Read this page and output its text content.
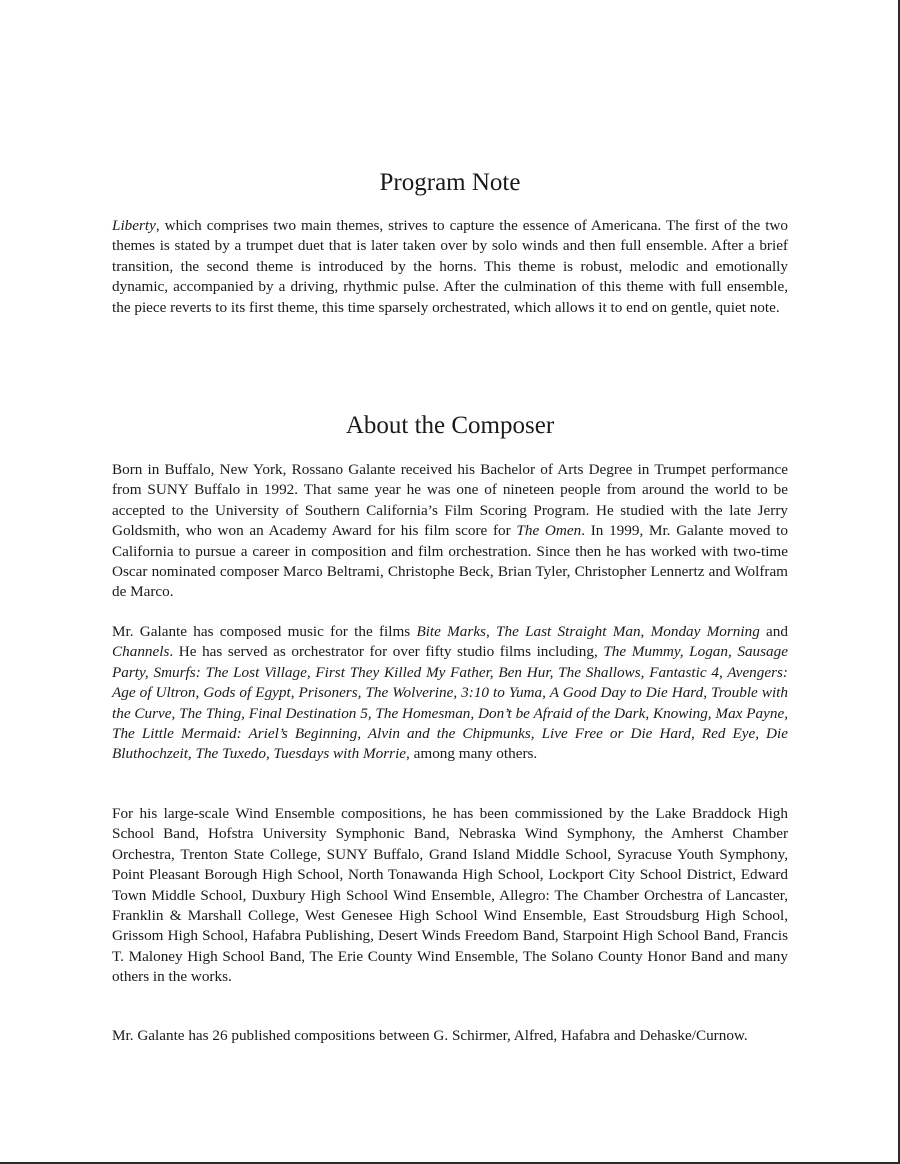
Program Note

Liberty, which comprises two main themes, strives to capture the essence of Americana. The first of the two themes is stated by a trumpet duet that is later taken over by solo winds and then full ensemble. After a brief transition, the second theme is introduced by the horns. This theme is robust, melodic and emotionally dynamic, accompanied by a driving, rhythmic pulse. After the culmination of this theme with full ensemble, the piece reverts to its first theme, this time sparsely orchestrated, which allows it to end on gentle, quiet note.

About the Composer

Born in Buffalo, New York, Rossano Galante received his Bachelor of Arts Degree in Trumpet performance from SUNY Buffalo in 1992. That same year he was one of nineteen people from around the world to be accepted to the University of Southern California’s Film Scoring Program. He studied with the late Jerry Goldsmith, who won an Academy Award for his film score for The Omen. In 1999, Mr. Galante moved to California to pursue a career in composition and film orchestration. Since then he has worked with two-time Oscar nominated composer Marco Beltrami, Christophe Beck, Brian Tyler, Christopher Lennertz and Wolfram de Marco.

Mr. Galante has composed music for the films Bite Marks, The Last Straight Man, Monday Morning and Channels. He has served as orchestrator for over fifty studio films including, The Mummy, Logan, Sausage Party, Smurfs: The Lost Village, First They Killed My Father, Ben Hur, The Shallows, Fantastic 4, Avengers: Age of Ultron, Gods of Egypt, Prisoners, The Wolverine, 3:10 to Yuma, A Good Day to Die Hard, Trouble with the Curve, The Thing, Final Destination 5, The Homesman, Don’t be Afraid of the Dark, Knowing, Max Payne, The Little Mermaid: Ariel’s Beginning, Alvin and the Chipmunks, Live Free or Die Hard, Red Eye, Die Bluthochzeit, The Tuxedo, Tuesdays with Morrie, among many others.

For his large-scale Wind Ensemble compositions, he has been commissioned by the Lake Braddock High School Band, Hofstra University Symphonic Band, Nebraska Wind Symphony, the Amherst Chamber Orchestra, Trenton State College, SUNY Buffalo, Grand Island Middle School, Syracuse Youth Symphony, Point Pleasant Borough High School, North Tonawanda High School, Lockport City School District, Edward Town Middle School, Duxbury High School Wind Ensemble, Allegro: The Chamber Orchestra of Lancaster, Franklin & Marshall College, West Genesee High School Wind Ensemble, East Stroudsburg High School, Grissom High School, Hafabra Publishing, Desert Winds Freedom Band, Starpoint High School Band, Francis T. Maloney High School Band, The Erie County Wind Ensemble, The Solano County Honor Band and many others in the works.

Mr. Galante has 26 published compositions between G. Schirmer, Alfred, Hafabra and Dehaske/Curnow.
